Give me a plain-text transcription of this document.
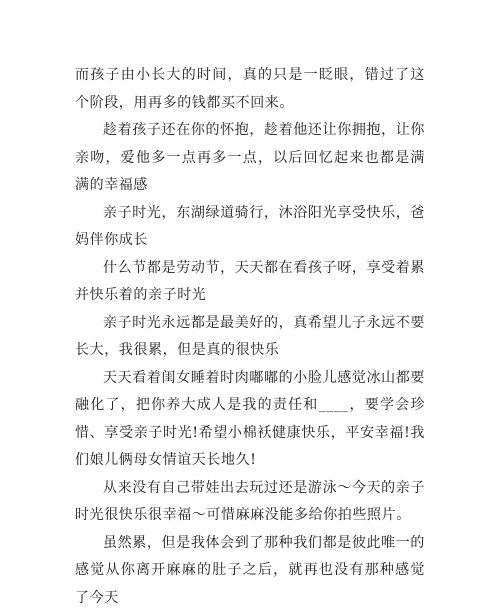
而孩子由小长大的时间，真的只是一眨眼，错过了这个阶段，用再多的钱都买不回来。

趁着孩子还在你的怀抱，趁着他还让你拥抱，让你亲吻，爱他多一点再多一点，以后回忆起来也都是满满的幸福感

亲子时光，东湖绿道骑行，沐浴阳光享受快乐，爸妈伴你成长

什么节都是劳动节，天天都在看孩子呀，享受着累并快乐着的亲子时光

亲子时光永远都是最美好的，真希望儿子永远不要长大，我很累，但是真的很快乐

天天看着闺女睡着时肉嘟嘟的小脸儿感觉冰山都要融化了，把你养大成人是我的责任和____，要学会珍惜、享受亲子时光!希望小棉袄健康快乐，平安幸福!我们娘儿俩母女情谊天长地久!

从来没有自己带娃出去玩过还是游泳～今天的亲子时光很快乐很幸福～可惜麻麻没能多给你拍些照片。

虽然累，但是我体会到了那种我们都是彼此唯一的感觉从你离开麻麻的肚子之后，就再也没有那种感觉了今天
